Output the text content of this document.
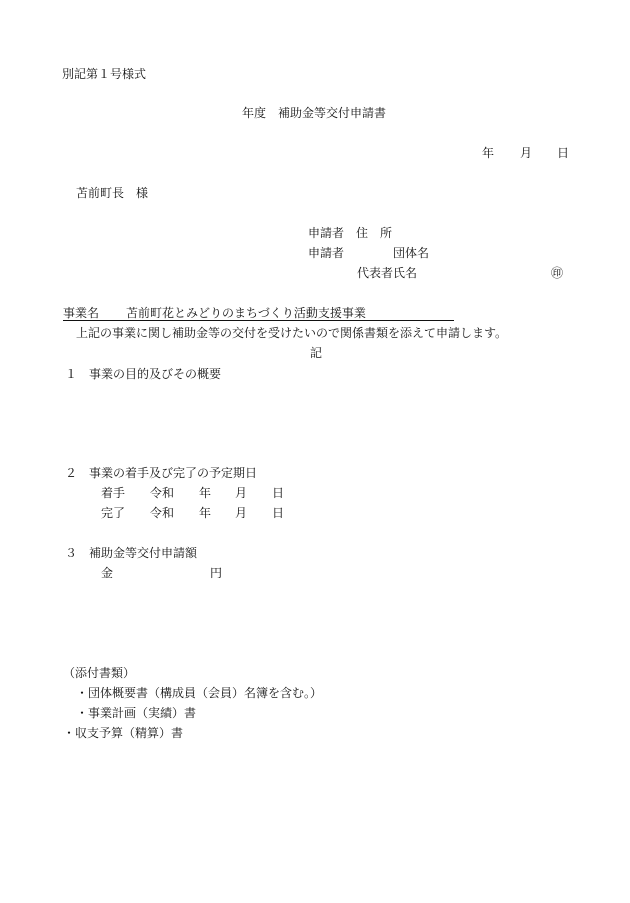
別記第１号様式
年度　補助金等交付申請書
年 月 日
苫前町長　様
申請者　住　所
申請者	団体名
代表者氏名	㊞
事業名 苫前町花とみどりのまちづくり活動支援事業
上記の事業に関し補助金等の交付を受けたいので関係書類を添えて申請します。
記
１ 事業の目的及びその概要
２ 事業の着手及び完了の予定期日
着手 令和 年 月 日
完了 令和 年 月 日
３ 補助金等交付申請額
金	円
（添付書類）
・団体概要書（構成員（会員）名簿を含む。）
・事業計画（実績）書
・収支予算（精算）書
